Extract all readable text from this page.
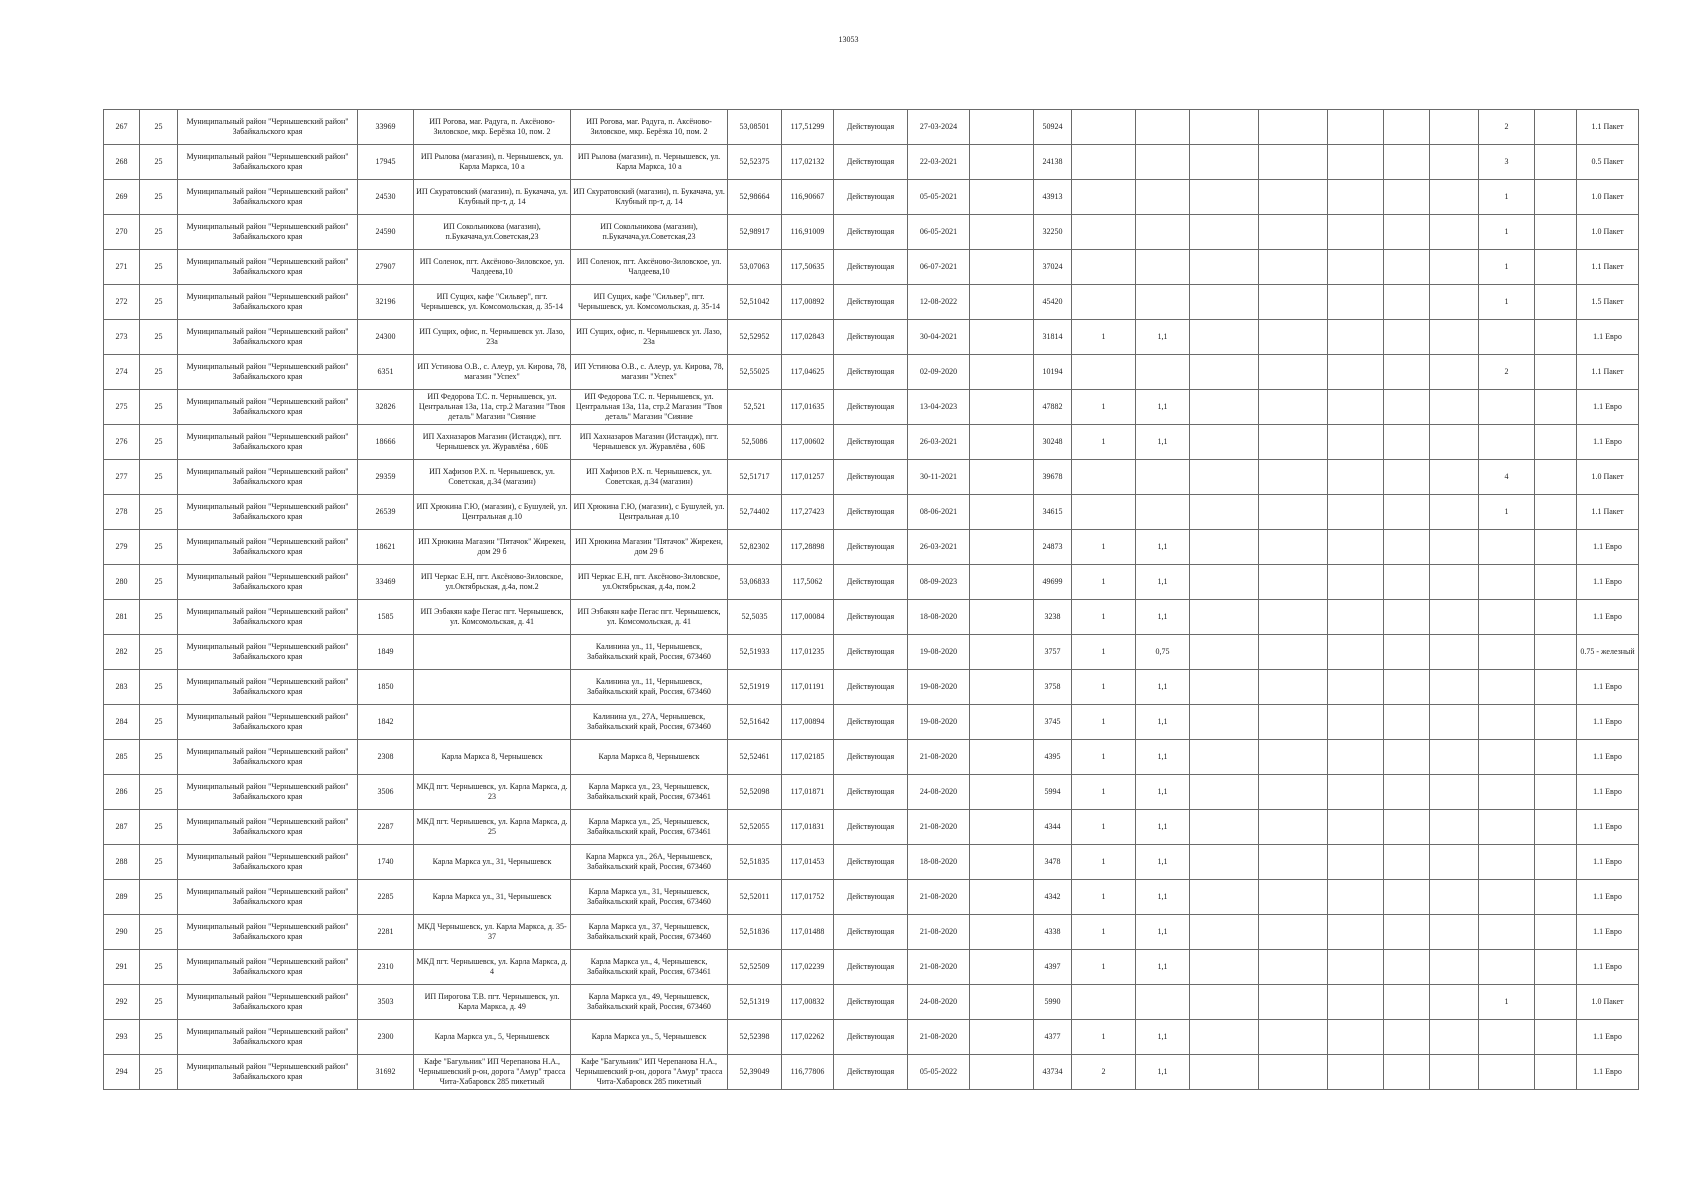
13053
267	25	Муниципальный район "Чернышевский район" Забайкальского края	33969	ИП Рогова, маг. Радуга, п. Аксёново-Зиловское, мкр. Берёзка 10, пом. 2	ИП Рогова, маг. Радуга, п. Аксёново-Зиловское, мкр. Берёзка 10, пом. 2	53,08501	117,51299	Действующая	27-03-2024		50924								2		1.1 Пакет

268	25	Муниципальный район "Чернышевский район" Забайкальского края	17945	ИП Рылова (магазин), п. Чернышевск, ул. Карла Маркса, 10 а	ИП Рылова (магазин), п. Чернышевск, ул. Карла Маркса, 10 а	52,52375	117,02132	Действующая	22-03-2021		24138								3		0.5 Пакет

269	25	Муниципальный район "Чернышевский район" Забайкальского края	24530	ИП Скуратовский (магазин), п. Букачача, ул. Клубный пр-т, д. 14	ИП Скуратовский (магазин), п. Букачача, ул. Клубный пр-т, д. 14	52,98664	116,90667	Действующая	05-05-2021		43913								1		1.0 Пакет

270	25	Муниципальный район "Чернышевский район" Забайкальского края	24590	ИП Сокольникова (магазин), п.Букачача,ул.Советская,23	ИП Сокольникова (магазин), п.Букачача,ул.Советская,23	52,98917	116,91009	Действующая	06-05-2021		32250								1		1.0 Пакет

271	25	Муниципальный район "Чернышевский район" Забайкальского края	27907	ИП Соленок, пгт. Аксёново-Зиловское, ул. Чалдеева,10	ИП Соленок, пгт. Аксёново-Зиловское, ул. Чалдеева,10	53,07063	117,50635	Действующая	06-07-2021		37024								1		1.1 Пакет

272	25	Муниципальный район "Чернышевский район" Забайкальского края	32196	ИП Сущих, кафе "Сильвер", пгт. Чернышевск, ул. Комсомольская, д. 35-14	ИП Сущих, кафе "Сильвер", пгт. Чернышевск, ул. Комсомольская, д. 35-14	52,51042	117,00892	Действующая	12-08-2022		45420								1		1.5 Пакет

273	25	Муниципальный район "Чернышевский район" Забайкальского края	24300	ИП Сущих, офис, п. Чернышевск ул. Лазо, 23а	ИП Сущих, офис, п. Чернышевск ул. Лазо, 23а	52,52952	117,02843	Действующая	30-04-2021		31814	1	1,1								1.1 Евро

274	25	Муниципальный район "Чернышевский район" Забайкальского края	6351	ИП Устинова О.В., с. Алеур, ул. Кирова, 78, магазин "Успех"	ИП Устинова О.В., с. Алеур, ул. Кирова, 78, магазин "Успех"	52,55025	117,04625	Действующая	02-09-2020		10194								2		1.1 Пакет

275	25	Муниципальный район "Чернышевский район" Забайкальского края	32826	ИП Федорова Т.С. п. Чернышевск, ул. Центральная 13а, 11а, стр.2 Магазин "Твоя деталь" Магазин "Сияние	ИП Федорова Т.С. п. Чернышевск, ул. Центральная 13а, 11а, стр.2 Магазин "Твоя деталь" Магазин "Сияние	52,521	117,01635	Действующая	13-04-2023		47882	1	1,1								1.1 Евро

276	25	Муниципальный район "Чернышевский район" Забайкальского края	18666	ИП Хахназаров Магазин (Истандж), пгт. Чернышевск ул. Журавлёва , 60Б	ИП Хахназаров Магазин (Истандж), пгт. Чернышевск ул. Журавлёва , 60Б	52,5086	117,00602	Действующая	26-03-2021		30248	1	1,1								1.1 Евро

277	25	Муниципальный район "Чернышевский район" Забайкальского края	29359	ИП Хафизов Р.Х. п. Чернышевск, ул. Советская, д.34 (магазин)	ИП Хафизов Р.Х. п. Чернышевск, ул. Советская, д.34 (магазин)	52,51717	117,01257	Действующая	30-11-2021		39678								4		1.0 Пакет

278	25	Муниципальный район "Чернышевский район" Забайкальского края	26539	ИП Хрюкина Г.Ю, (магазин), с Бушулей, ул. Центральная д.10	ИП Хрюкина Г.Ю, (магазин), с Бушулей, ул. Центральная д.10	52,74402	117,27423	Действующая	08-06-2021		34615								1		1.1 Пакет

279	25	Муниципальный район "Чернышевский район" Забайкальского края	18621	ИП Хрюкина Магазин "Пятачок" Жирекен, дом 29 б	ИП Хрюкина Магазин "Пятачок" Жирекен, дом 29 б	52,82302	117,28898	Действующая	26-03-2021		24873	1	1,1								1.1 Евро

280	25	Муниципальный район "Чернышевский район" Забайкальского края	33469	ИП Черкас Е.Н, пгт. Аксёново-Зиловское, ул.Октябрьская, д.4а, пом.2	ИП Черкас Е.Н, пгт. Аксёново-Зиловское, ул.Октябрьская, д.4а, пом.2	53,06833	117,5062	Действующая	08-09-2023		49699	1	1,1								1.1 Евро

281	25	Муниципальный район "Чернышевский район" Забайкальского края	1585	ИП Эзбакян кафе Пегас пгт. Чернышевск, ул. Комсомольская, д. 41	ИП Эзбакян кафе Пегас пгт. Чернышевск, ул. Комсомольская, д. 41	52,5035	117,00084	Действующая	18-08-2020		3238	1	1,1								1.1 Евро

282	25	Муниципальный район "Чернышевский район" Забайкальского края	1849		Калинина ул., 11, Чернышевск, Забайкальский край, Россия, 673460	52,51933	117,01235	Действующая	19-08-2020		3757	1	0,75								0.75 - железный

283	25	Муниципальный район "Чернышевский район" Забайкальского края	1850		Калинина ул., 11, Чернышевск, Забайкальский край, Россия, 673460	52,51919	117,01191	Действующая	19-08-2020		3758	1	1,1								1.1 Евро

284	25	Муниципальный район "Чернышевский район" Забайкальского края	1842		Калинина ул., 27А, Чернышевск, Забайкальский край, Россия, 673460	52,51642	117,00894	Действующая	19-08-2020		3745	1	1,1								1.1 Евро

285	25	Муниципальный район "Чернышевский район" Забайкальского края	2308	Карла Маркса 8, Чернышевск	Карла Маркса 8, Чернышевск	52,52461	117,02185	Действующая	21-08-2020		4395	1	1,1								1.1 Евро

286	25	Муниципальный район "Чернышевский район" Забайкальского края	3506	МКД пгт. Чернышевск, ул. Карла Маркса, д. 23	Карла Маркса ул., 23, Чернышевск, Забайкальский край, Россия, 673461	52,52098	117,01871	Действующая	24-08-2020		5994	1	1,1								1.1 Евро

287	25	Муниципальный район "Чернышевский район" Забайкальского края	2287	МКД пгт. Чернышевск, ул. Карла Маркса, д. 25	Карла Маркса ул., 25, Чернышевск, Забайкальский край, Россия, 673461	52,52055	117,01831	Действующая	21-08-2020		4344	1	1,1								1.1 Евро

288	25	Муниципальный район "Чернышевский район" Забайкальского края	1740	Карла Маркса ул., 31, Чернышевск	Карла Маркса ул., 26А, Чернышевск, Забайкальский край, Россия, 673460	52,51835	117,01453	Действующая	18-08-2020		3478	1	1,1								1.1 Евро

289	25	Муниципальный район "Чернышевский район" Забайкальского края	2285	Карла Маркса ул., 31, Чернышевск	Карла Маркса ул., 31, Чернышевск, Забайкальский край, Россия, 673460	52,52011	117,01752	Действующая	21-08-2020		4342	1	1,1								1.1 Евро

290	25	Муниципальный район "Чернышевский район" Забайкальского края	2281	МКД Чернышевск, ул. Карла Маркса, д. 35-37	Карла Маркса ул., 37, Чернышевск, Забайкальский край, Россия, 673460	52,51836	117,01488	Действующая	21-08-2020		4338	1	1,1								1.1 Евро

291	25	Муниципальный район "Чернышевский район" Забайкальского края	2310	МКД пгт. Чернышевск, ул. Карла Маркса, д. 4	Карла Маркса ул., 4, Чернышевск, Забайкальский край, Россия, 673461	52,52509	117,02239	Действующая	21-08-2020		4397	1	1,1								1.1 Евро

292	25	Муниципальный район "Чернышевский район" Забайкальского края	3503	ИП Пирогова Т.В. пгт. Чернышевск, ул. Карла Маркса, д. 49	Карла Маркса ул., 49, Чернышевск, Забайкальский край, Россия, 673460	52,51319	117,00832	Действующая	24-08-2020		5990								1		1.0 Пакет

293	25	Муниципальный район "Чернышевский район" Забайкальского края	2300	Карла Маркса ул., 5, Чернышевск	Карла Маркса ул., 5, Чернышевск	52,52398	117,02262	Действующая	21-08-2020		4377	1	1,1								1.1 Евро

294	25	Муниципальный район "Чернышевский район" Забайкальского края	31692	Кафе "Багульник" ИП Черепанова Н.А., Чернышевский р-он, дорога "Амур" трасса Чита-Хабаровск 285 пикетный	Кафе "Багульник" ИП Черепанова Н.А., Чернышевский р-он, дорога "Амур" трасса Чита-Хабаровск 285 пикетный	52,39049	116,77806	Действующая	05-05-2022		43734	2	1,1								1.1 Евро
